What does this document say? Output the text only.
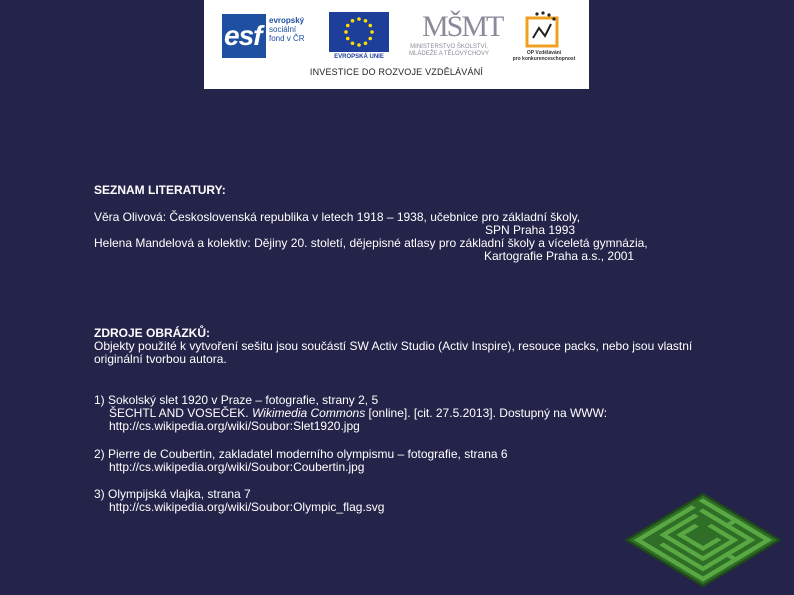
esf evropský
sociální
fond v ČR
EVROPSKÁ UNIE
MŠMT
MINISTERSTVO ŠKOLSTVÍ,
MLÁDEŽE A TĚLOVÝCHOVY	OP Vzdělávání
pro konkurenceschopnost
INVESTICE DO ROZVOJE VZDĚLÁVÁNÍ
SEZNAM LITERATURY:
Věra Olivová: Československá republika v letech 1918 – 1938, učebnice pro základní školy,
SPN Praha 1993
Helena Mandelová a kolektiv: Dějiny 20. století, dějepisné atlasy pro základní školy a víceletá gymnázia,
Kartografie Praha a.s., 2001
ZDROJE OBRÁZKŮ:
Objekty použité k vytvoření sešitu jsou součástí SW Activ Studio (Activ Inspire), resouce packs, nebo jsou vlastní originální tvorbou autora.
1) Sokolský slet 1920 v Praze – fotografie, strany 2, 5
ŠECHTL AND VOSEČEK. Wikimedia Commons [online]. [cit. 27.5.2013]. Dostupný na WWW:
http://cs.wikipedia.org/wiki/Soubor:Slet1920.jpg
2) Pierre de Coubertin, zakladatel moderního olympismu – fotografie, strana 6
http://cs.wikipedia.org/wiki/Soubor:Coubertin.jpg
3) Olympijská vlajka, strana 7
http://cs.wikipedia.org/wiki/Soubor:Olympic_flag.svg
